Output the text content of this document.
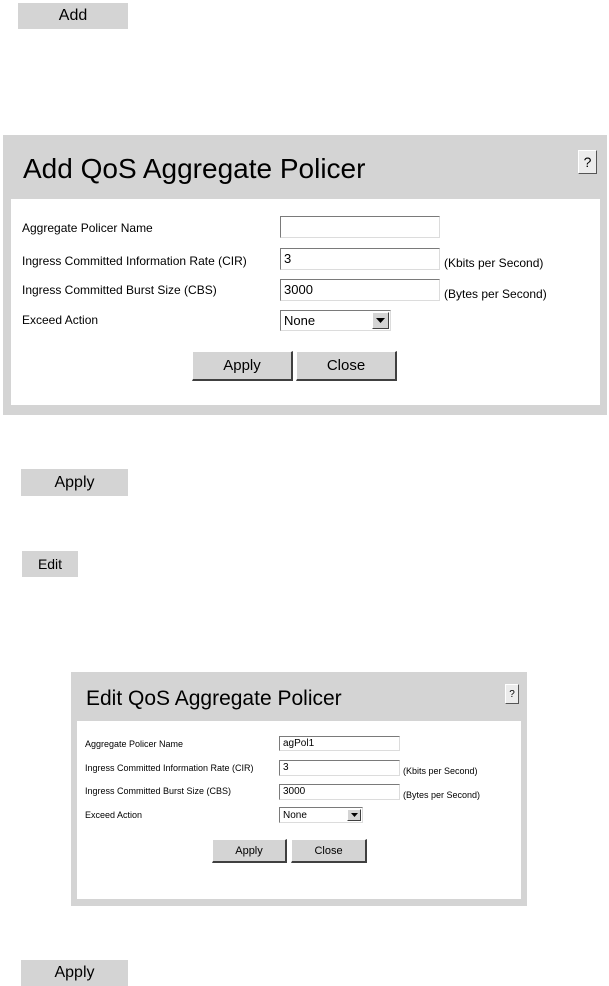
Add
Add QoS Aggregate Policer	?
Aggregate Policer Name
Ingress Committed Information Rate (CIR)	3	(Kbits per Second)
Ingress Committed Burst Size (CBS)	3000	(Bytes per Second)
Exceed Action	None
Apply	Close
Apply
Edit
Edit QoS Aggregate Policer	?
Aggregate Policer Name	agPol1
Ingress Committed Information Rate (CIR)	3	(Kbits per Second)
Ingress Committed Burst Size (CBS)	3000	(Bytes per Second)
Exceed Action	None
Apply	Close
Apply
